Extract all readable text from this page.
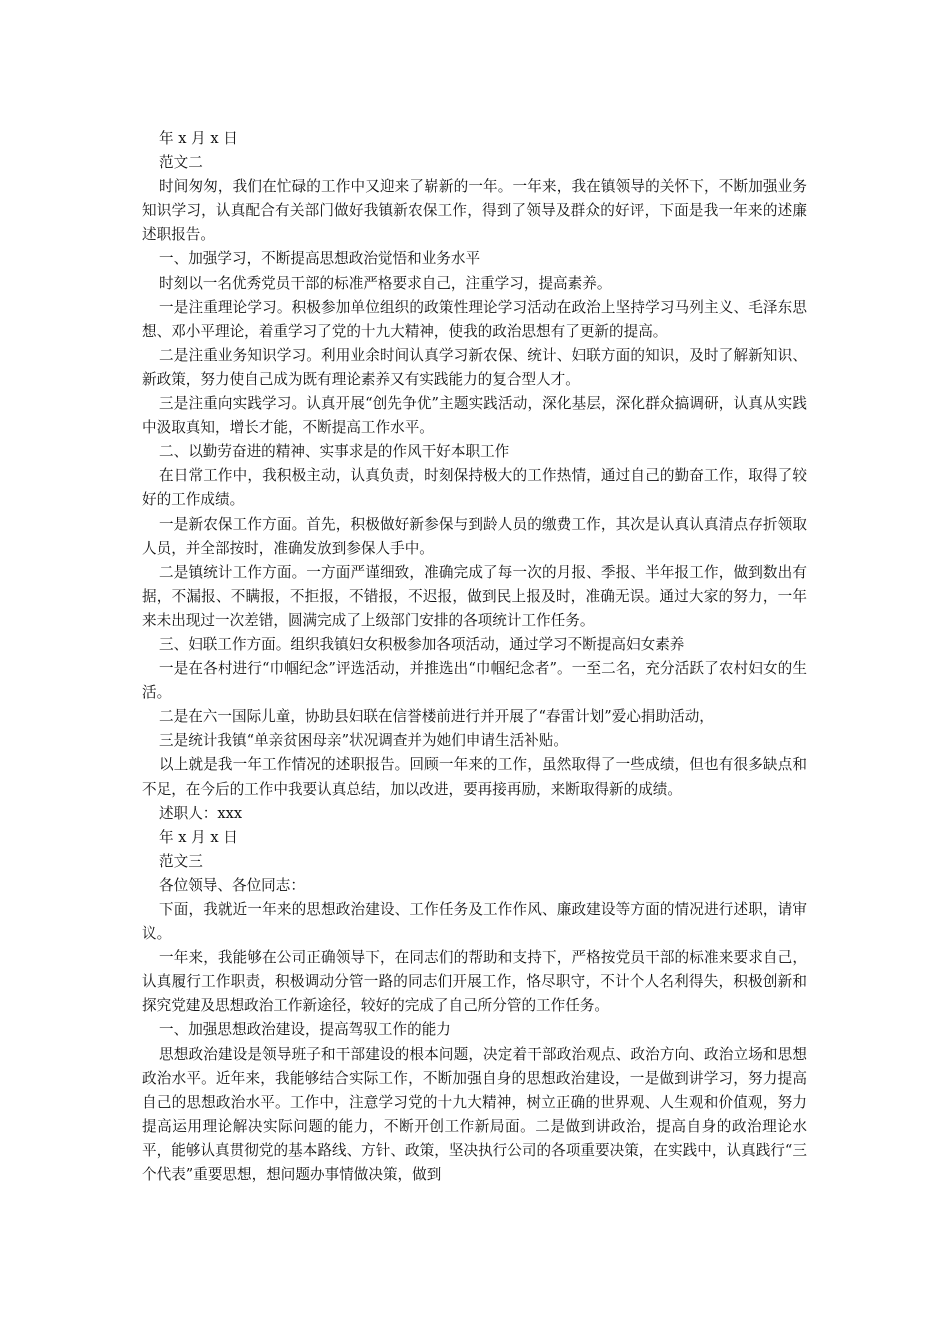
年 x 月 x 日

范文二

时间匆匆，我们在忙碌的工作中又迎来了崭新的一年。一年来，我在镇领导的关怀下，不断加强业务知识学习，认真配合有关部门做好我镇新农保工作，得到了领导及群众的好评，下面是我一年来的述廉述职报告。

一、加强学习，不断提高思想政治觉悟和业务水平

时刻以一名优秀党员干部的标准严格要求自己，注重学习，提高素养。

一是注重理论学习。积极参加单位组织的政策性理论学习活动在政治上坚持学习马列主义、毛泽东思想、邓小平理论，着重学习了党的十九大精神，使我的政治思想有了更新的提高。

二是注重业务知识学习。利用业余时间认真学习新农保、统计、妇联方面的知识，及时了解新知识、新政策，努力使自己成为既有理论素养又有实践能力的复合型人才。

三是注重向实践学习。认真开展“创先争优”主题实践活动，深化基层，深化群众搞调研，认真从实践中汲取真知，增长才能，不断提高工作水平。

二、以勤劳奋进的精神、实事求是的作风干好本职工作

在日常工作中，我积极主动，认真负责，时刻保持极大的工作热情，通过自己的勤奋工作，取得了较好的工作成绩。

一是新农保工作方面。首先，积极做好新参保与到龄人员的缴费工作，其次是认真认真清点存折领取人员，并全部按时，准确发放到参保人手中。

二是镇统计工作方面。一方面严谨细致，准确完成了每一次的月报、季报、半年报工作，做到数出有据，不漏报、不瞒报，不拒报，不错报，不迟报，做到民上报及时，准确无误。通过大家的努力，一年来未出现过一次差错，圆满完成了上级部门安排的各项统计工作任务。

三、妇联工作方面。组织我镇妇女积极参加各项活动，通过学习不断提高妇女素养

一是在各村进行“巾帼纪念”评选活动，并推选出“巾帼纪念者”。一至二名，充分活跃了农村妇女的生活。

二是在六一国际儿童，协助县妇联在信誉楼前进行并开展了“春雷计划”爱心捐助活动，

三是统计我镇“单亲贫困母亲”状况调查并为她们申请生活补贴。

以上就是我一年工作情况的述职报告。回顾一年来的工作，虽然取得了一些成绩，但也有很多缺点和不足，在今后的工作中我要认真总结，加以改进，要再接再励，来断取得新的成绩。

述职人：xxx

年 x 月 x 日

范文三

各位领导、各位同志：

下面，我就近一年来的思想政治建设、工作任务及工作作风、廉政建设等方面的情况进行述职，请审议。

一年来，我能够在公司正确领导下，在同志们的帮助和支持下，严格按党员干部的标准来要求自己，认真履行工作职责，积极调动分管一路的同志们开展工作，恪尽职守，不计个人名利得失，积极创新和探究党建及思想政治工作新途径，较好的完成了自己所分管的工作任务。

一、加强思想政治建设，提高驾驭工作的能力

思想政治建设是领导班子和干部建设的根本问题，决定着干部政治观点、政治方向、政治立场和思想政治水平。近年来，我能够结合实际工作，不断加强自身的思想政治建设，一是做到讲学习，努力提高自己的思想政治水平。工作中，注意学习党的十九大精神，树立正确的世界观、人生观和价值观，努力提高运用理论解决实际问题的能力，不断开创工作新局面。二是做到讲政治，提高自身的政治理论水平，能够认真贯彻党的基本路线、方针、政策，坚决执行公司的各项重要决策，在实践中，认真践行“三个代表”重要思想，想问题办事情做决策，做到
